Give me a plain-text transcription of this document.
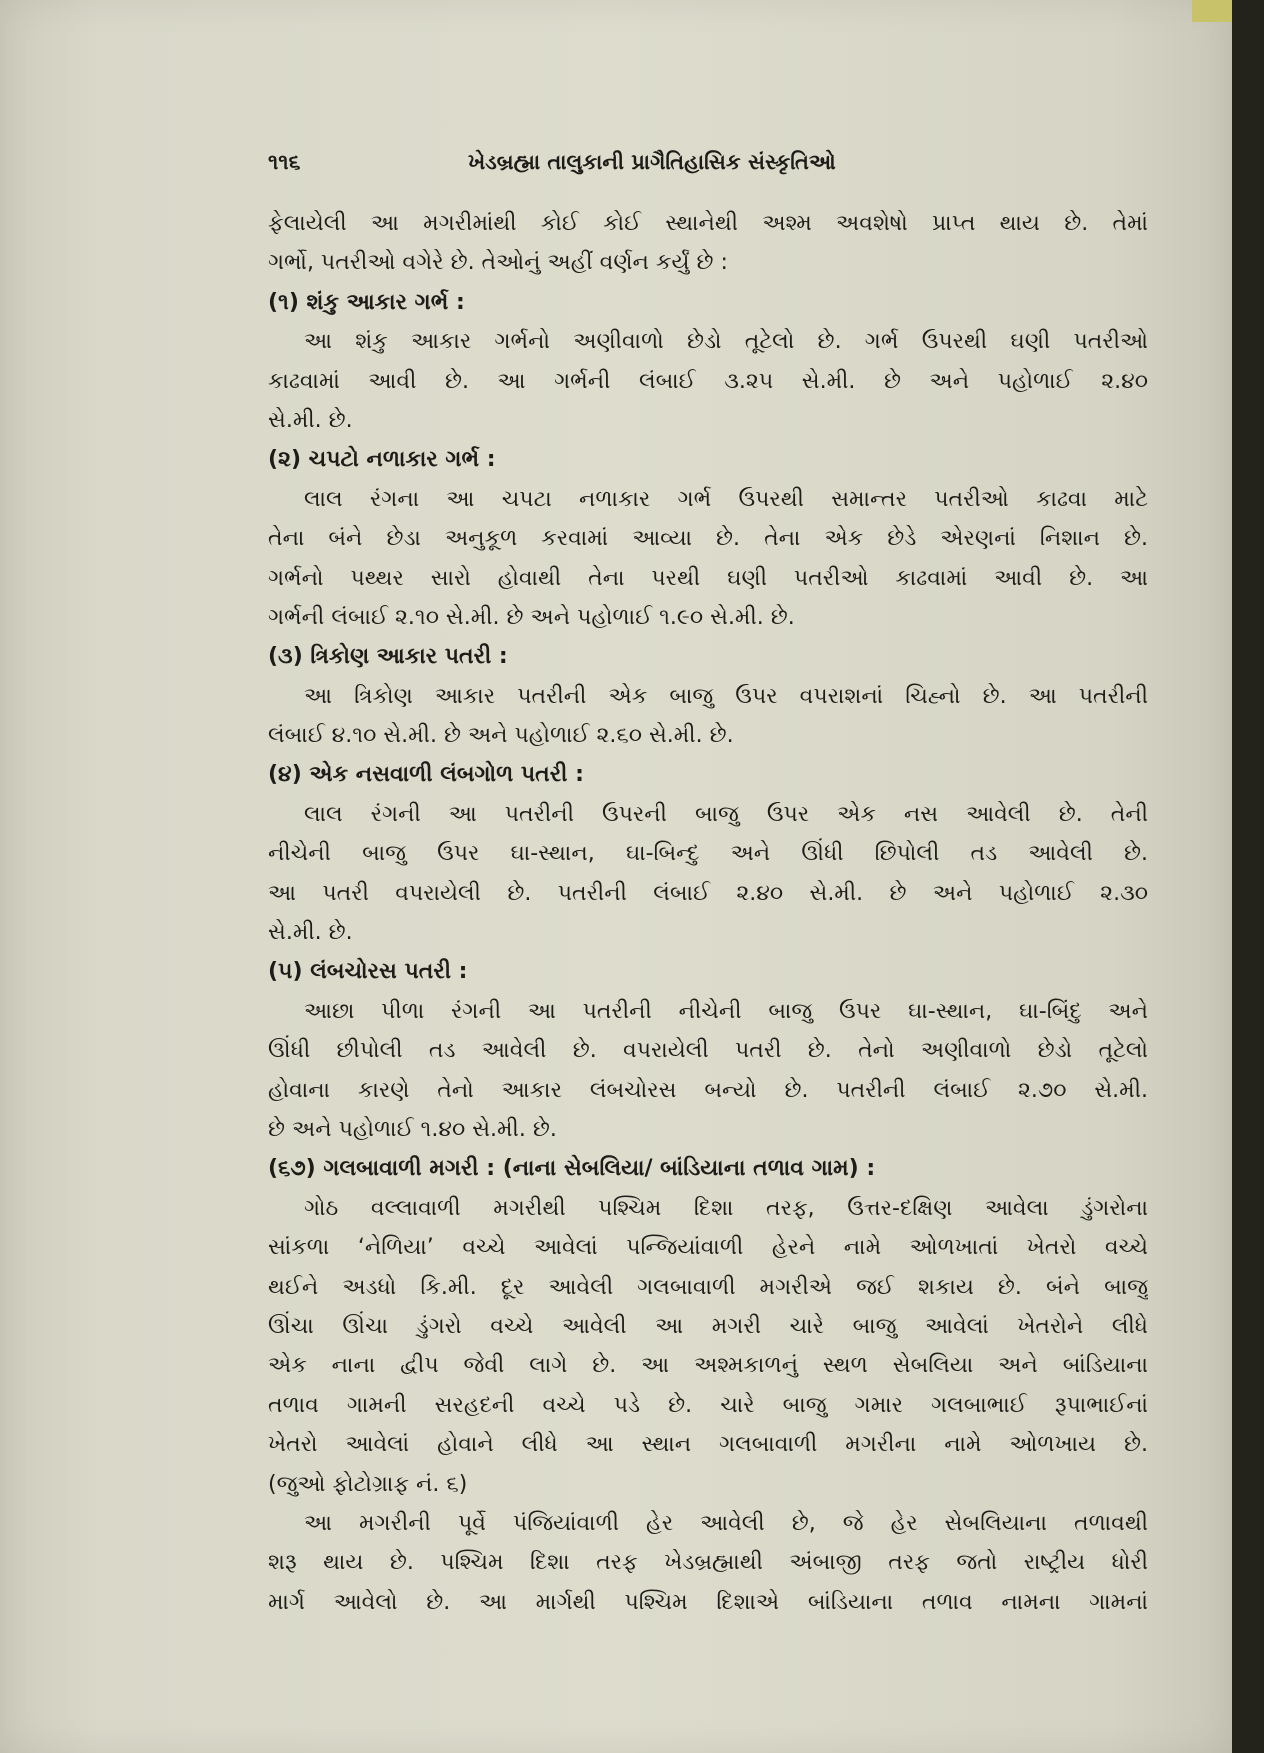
૧૧૬	ખેડબ્રહ્મા તાલુકાની પ્રાગૈતિહાસિક સંસ્કૃતિઓ
ફેલાયેલી આ મગરીમાંથી કોઈ કોઈ સ્થાનેથી અશ્મ અવશેષો પ્રાપ્ત થાય છે. તેમાં
ગર્ભો, પતરીઓ વગેરે છે. તેઓનું અહીં વર્ણન કર્યું છે :
(૧) શંકુ આકાર ગર્ભ :
આ શંકુ આકાર ગર્ભનો અણીવાળો છેડો તૂટેલો છે. ગર્ભ ઉપરથી ઘણી પતરીઓ
કાઢવામાં આવી છે. આ ગર્ભની લંબાઈ ૩.૨૫ સે.મી. છે અને પહોળાઈ ૨.૪૦
સે.મી. છે.
(૨) ચપટો નળાકાર ગર્ભ :
લાલ રંગના આ ચપટા નળાકાર ગર્ભ ઉપરથી સમાન્તર પતરીઓ કાઢવા માટે
તેના બંને છેડા અનુકૂળ કરવામાં આવ્યા છે. તેના એક છેડે એરણનાં નિશાન છે.
ગર્ભનો પથ્થર સારો હોવાથી તેના પરથી ઘણી પતરીઓ કાઢવામાં આવી છે. આ
ગર્ભની લંબાઈ ૨.૧૦ સે.મી. છે અને પહોળાઈ ૧.૯૦ સે.મી. છે.
(૩) ત્રિકોણ આકાર પતરી :
આ ત્રિકોણ આકાર પતરીની એક બાજુ ઉપર વપરાશનાં ચિહ્નો છે. આ પતરીની
લંબાઈ ૪.૧૦ સે.મી. છે અને પહોળાઈ ૨.૬૦ સે.મી. છે.
(૪) એક નસવાળી લંબગોળ પતરી :
લાલ રંગની આ પતરીની ઉપરની બાજુ ઉપર એક નસ આવેલી છે. તેની
નીચેની બાજુ ઉપર ઘા-સ્થાન, ઘા-બિન્દુ અને ઊંધી છિપોલી તડ આવેલી છે.
આ પતરી વપરાયેલી છે. પતરીની લંબાઈ ૨.૪૦ સે.મી. છે અને પહોળાઈ ૨.૩૦
સે.મી. છે.
(૫) લંબચોરસ પતરી :
આછા પીળા રંગની આ પતરીની નીચેની બાજુ ઉપર ઘા-સ્થાન, ઘા-બિંદુ અને
ઊંધી છીપોલી તડ આવેલી છે. વપરાયેલી પતરી છે. તેનો અણીવાળો છેડો તૂટેલો
હોવાના કારણે તેનો આકાર લંબચોરસ બન્યો છે. પતરીની લંબાઈ ૨.૭૦ સે.મી.
છે અને પહોળાઈ ૧.૪૦ સે.મી. છે.
(૬૭) ગલબાવાળી મગરી : (નાના સેબલિયા/ બાંડિયાના તળાવ ગામ) :
ગોઠ વલ્લાવાળી મગરીથી પશ્ચિમ દિશા તરફ, ઉત્તર-દક્ષિણ આવેલા ડુંગરોના
સાંકળા ‘નેળિયા’ વચ્ચે આવેલાં પન્જિયાંવાળી હેરને નામે ઓળખાતાં ખેતરો વચ્ચે
થઈને અડધો કિ.મી. દૂર આવેલી ગલબાવાળી મગરીએ જઈ શકાય છે. બંને બાજુ
ઊંચા ઊંચા ડુંગરો વચ્ચે આવેલી આ મગરી ચારે બાજુ આવેલાં ખેતરોને લીધે
એક નાના દ્વીપ જેવી લાગે છે. આ અશ્મકાળનું સ્થળ સેબલિયા અને બાંડિયાના
તળાવ ગામની સરહદની વચ્ચે પડે છે. ચારે બાજુ ગમાર ગલબાભાઈ રૂપાભાઈનાં
ખેતરો આવેલાં હોવાને લીધે આ સ્થાન ગલબાવાળી મગરીના નામે ઓળખાય છે.
(જુઓ ફોટોગ્રાફ નં. ૬)
આ મગરીની પૂર્વે પંજિયાંવાળી હેર આવેલી છે, જે હેર સેબલિયાના તળાવથી
શરૂ થાય છે. પશ્ચિમ દિશા તરફ ખેડબ્રહ્માથી અંબાજી તરફ જતો રાષ્ટ્રીય ધોરી
માર્ગ આવેલો છે. આ માર્ગથી પશ્ચિમ દિશાએ બાંડિયાના તળાવ નામના ગામનાં
